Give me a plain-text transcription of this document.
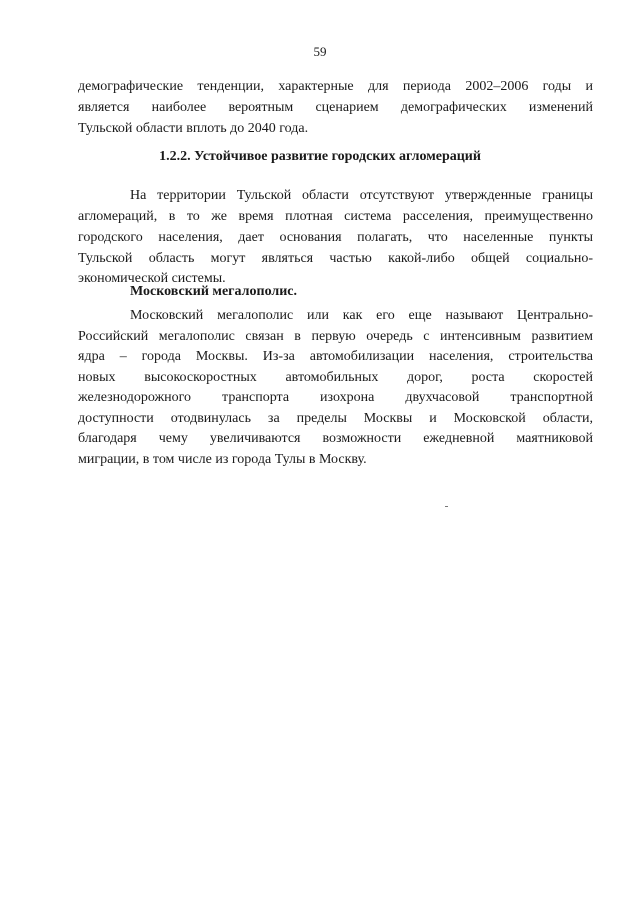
59
демографические тенденции, характерные для периода 2002–2006 годы и
является наиболее вероятным сценарием демографических изменений
Тульской области вплоть до 2040 года.
1.2.2. Устойчивое развитие городских агломераций
На территории Тульской области отсутствуют утвержденные границы
агломераций, в то же время плотная система расселения, преимущественно
городского населения, дает основания полагать, что населенные пункты
Тульской область могут являться частью какой-либо общей социально-
экономической системы.
Московский мегалополис.
Московский мегалополис или как его еще называют Центрально-
Российский мегалополис связан в первую очередь с интенсивным развитием
ядра – города Москвы. Из-за автомобилизации населения, строительства
новых высокоскоростных автомобильных дорог, роста скоростей
железнодорожного транспорта изохрона двухчасовой транспортной
доступности отодвинулась за пределы Москвы и Московской области,
благодаря чему увеличиваются возможности ежедневной маятниковой
миграции, в том числе из города Тулы в Москву.
